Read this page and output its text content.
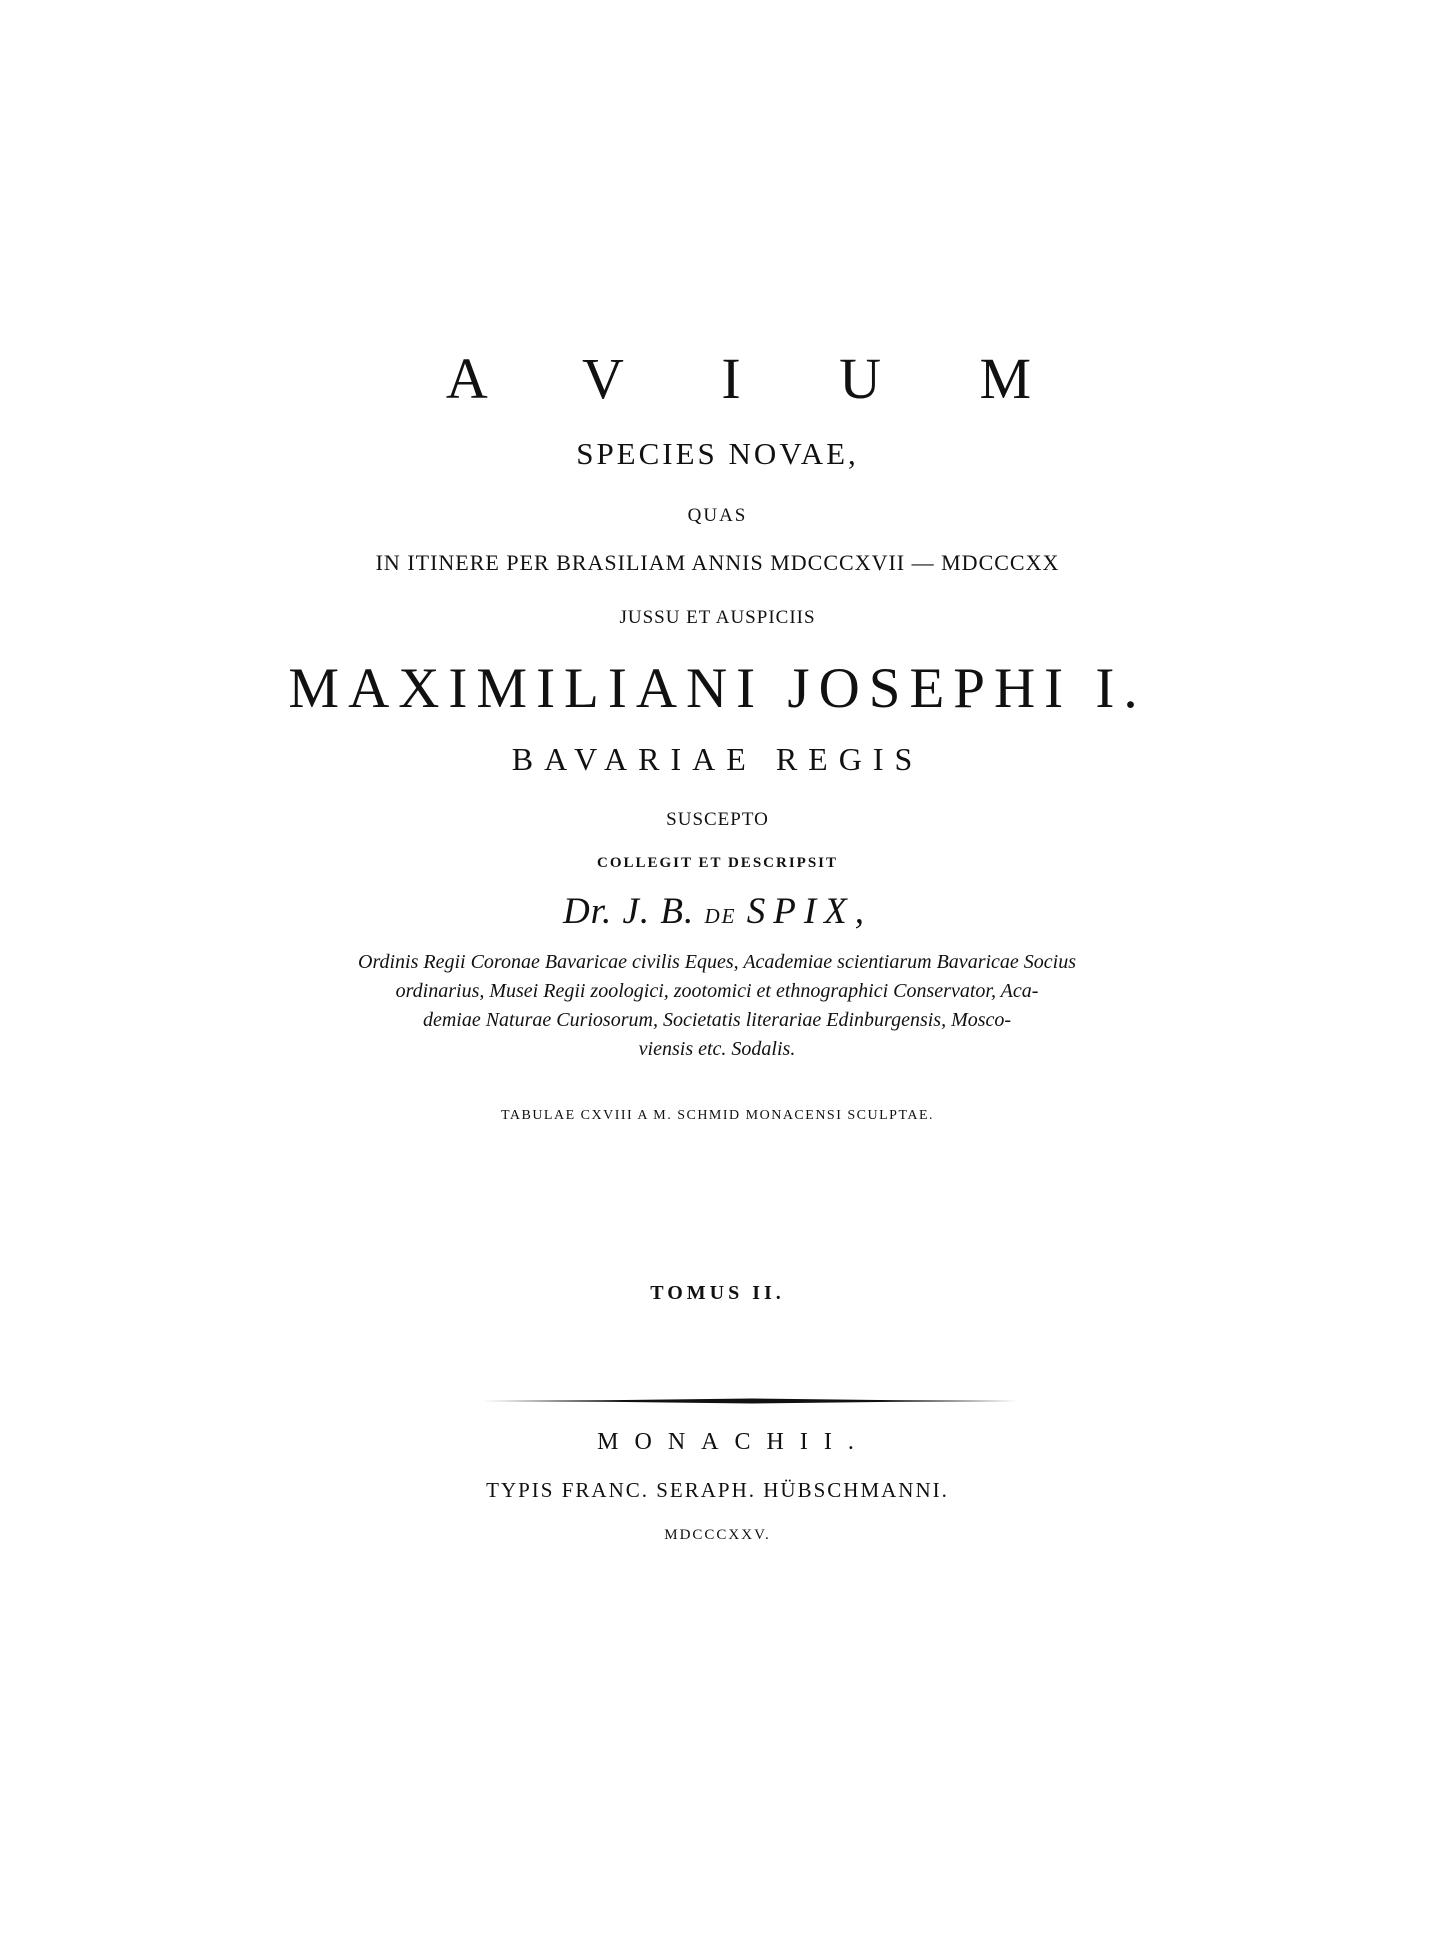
A V I U M
SPECIES NOVAE,
QUAS
IN ITINERE PER BRASILIAM ANNIS MDCCCXVII — MDCCCXX
JUSSU ET AUSPICIIS
MAXIMILIANI JOSEPHI I.
BAVARIAE REGIS
SUSCEPTO
COLLEGIT ET DESCRIPSIT
Dr. J. B. DE SPIX,
Ordinis Regii Coronae Bavaricae civilis Eques, Academiae scientiarum Bavaricae Socius
ordinarius, Musei Regii zoologici, zootomici et ethnographici Conservator, Aca-
demiae Naturae Curiosorum, Societatis literariae Edinburgensis, Mosco-
viensis etc. Sodalis.
TABULAE CXVIII A M. SCHMID MONACENSI SCULPTAE.
TOMUS II.
MONACHII.
TYPIS FRANC. SERAPH. HÜBSCHMANNI.
MDCCCXXV.
